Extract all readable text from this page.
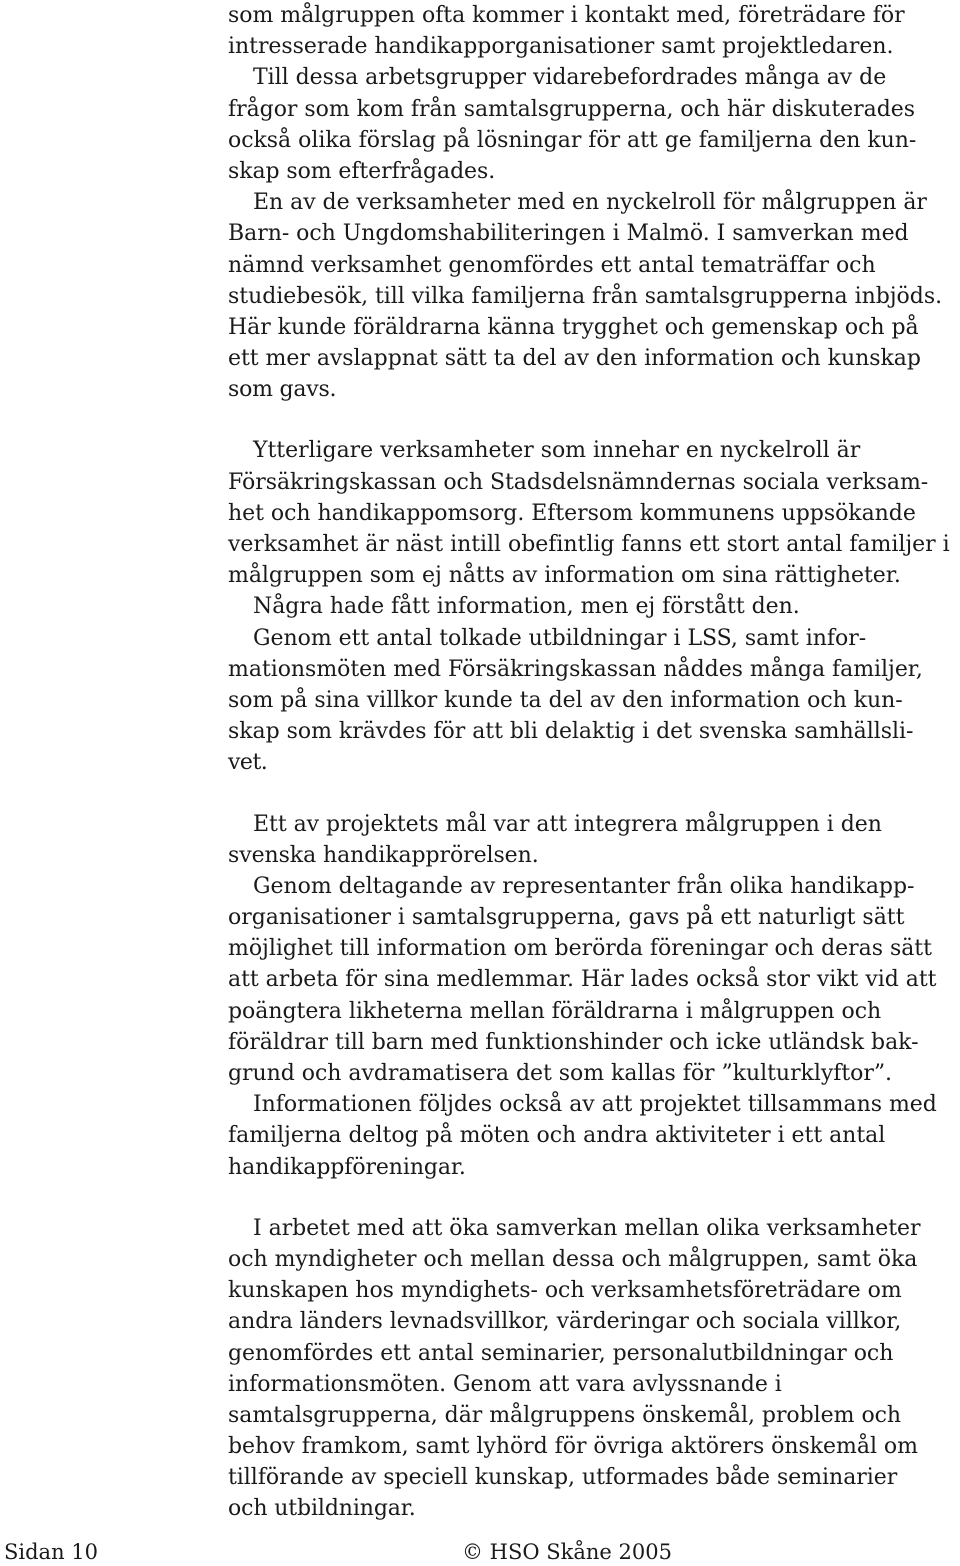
som målgruppen ofta kommer i kontakt med, företrädare för
intresserade handikapporganisationer samt projektledaren.
Till dessa arbetsgrupper vidarebefordrades många av de
frågor som kom från samtalsgrupperna, och här diskuterades
också olika förslag på lösningar för att ge familjerna den kun-
skap som efterfrågades.
En av de verksamheter med en nyckelroll för målgruppen är
Barn- och Ungdomshabiliteringen i Malmö. I samverkan med
nämnd verksamhet genomfördes ett antal tematräffar och
studiebesök, till vilka familjerna från samtalsgrupperna inbjöds.
Här kunde föräldrarna känna trygghet och gemenskap och på
ett mer avslappnat sätt ta del av den information och kunskap
som gavs.
Ytterligare verksamheter som innehar en nyckelroll är
Försäkringskassan och Stadsdelsnämndernas sociala verksam-
het och handikappomsorg. Eftersom kommunens uppsökande
verksamhet är näst intill obefintlig fanns ett stort antal familjer i
målgruppen som ej nåtts av information om sina rättigheter.
Några hade fått information, men ej förstått den.
Genom ett antal tolkade utbildningar i LSS, samt infor-
mationsmöten med Försäkringskassan nåddes många familjer,
som på sina villkor kunde ta del av den information och kun-
skap som krävdes för att bli delaktig i det svenska samhällsli-
vet.
Ett av projektets mål var att integrera målgruppen i den
svenska handikapprörelsen.
Genom deltagande av representanter från olika handikapp-
organisationer i samtalsgrupperna, gavs på ett naturligt sätt
möjlighet till information om berörda föreningar och deras sätt
att arbeta för sina medlemmar. Här lades också stor vikt vid att
poängtera likheterna mellan föräldrarna i målgruppen och
föräldrar till barn med funktionshinder och icke utländsk bak-
grund och avdramatisera det som kallas för ”kulturklyftor”.
Informationen följdes också av att projektet tillsammans med
familjerna deltog på möten och andra aktiviteter i ett antal
handikappföreningar.
I arbetet med att öka samverkan mellan olika verksamheter
och myndigheter och mellan dessa och målgruppen, samt öka
kunskapen hos myndighets- och verksamhetsföreträdare om
andra länders levnadsvillkor, värderingar och sociala villkor,
genomfördes ett antal seminarier, personalutbildningar och
informationsmöten. Genom att vara avlyssnande i
samtalsgrupperna, där målgruppens önskemål, problem och
behov framkom, samt lyhörd för övriga aktörers önskemål om
tillförande av speciell kunskap, utformades både seminarier
och utbildningar.
Sidan 10	© HSO Skåne 2005
